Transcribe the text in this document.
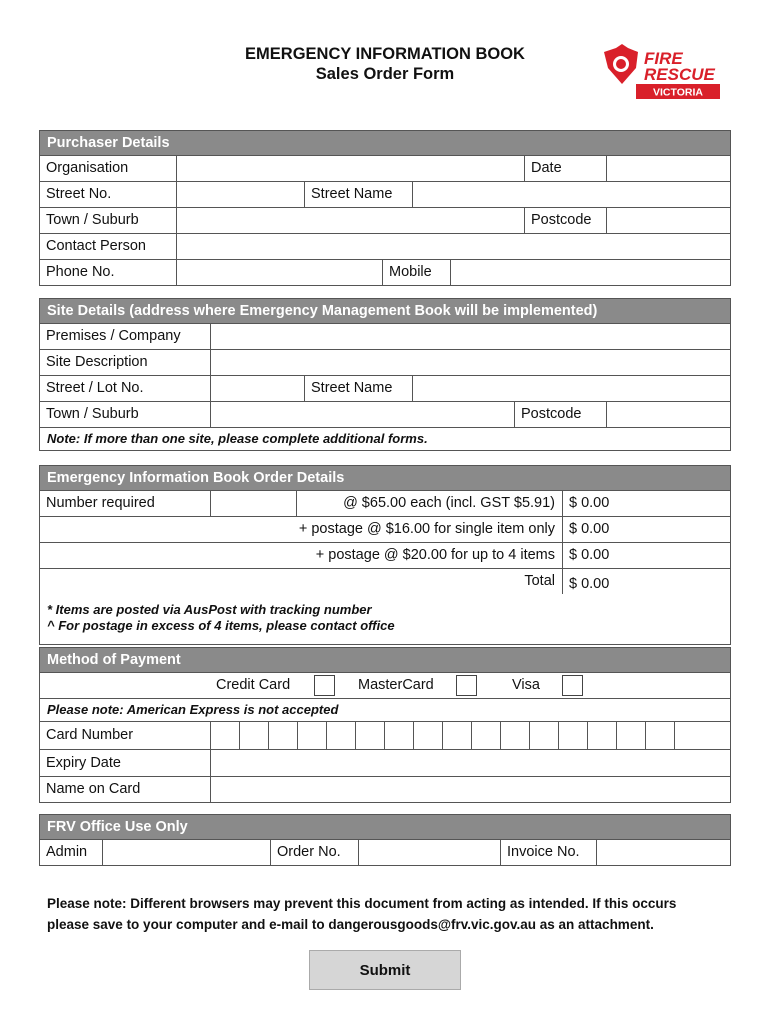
EMERGENCY INFORMATION BOOK
Sales Order Form
FIRE
RESCUE
VICTORIA
Purchaser Details
Organisation	Date
Street No.	Street Name
Town / Suburb	Postcode
Contact Person
Phone No.	Mobile
Site Details (address where Emergency Management Book will be implemented)
Premises / Company
Site Description
Street / Lot No.	Street Name
Town / Suburb	Postcode
Note: If more than one site, please complete additional forms.
Emergency Information Book Order Details
Number required	@ $65.00 each (incl. GST $5.91) $ 0.00
+ postage @ $16.00 for single item only $ 0.00
+ postage @ $20.00 for up to 4 items $ 0.00
Total $ 0.00
* Items are posted via AusPost with tracking number
^ For postage in excess of 4 items, please contact office
Method of Payment
Credit Card	MasterCard	Visa
Please note: American Express is not accepted
Card Number
Expiry Date
Name on Card
FRV Office Use Only
Admin	Order No.	Invoice No.
Please note: Different browsers may prevent this document from acting as intended. If this occurs
please save to your computer and e-mail to dangerousgoods@frv.vic.gov.au as an attachment.
Submit
